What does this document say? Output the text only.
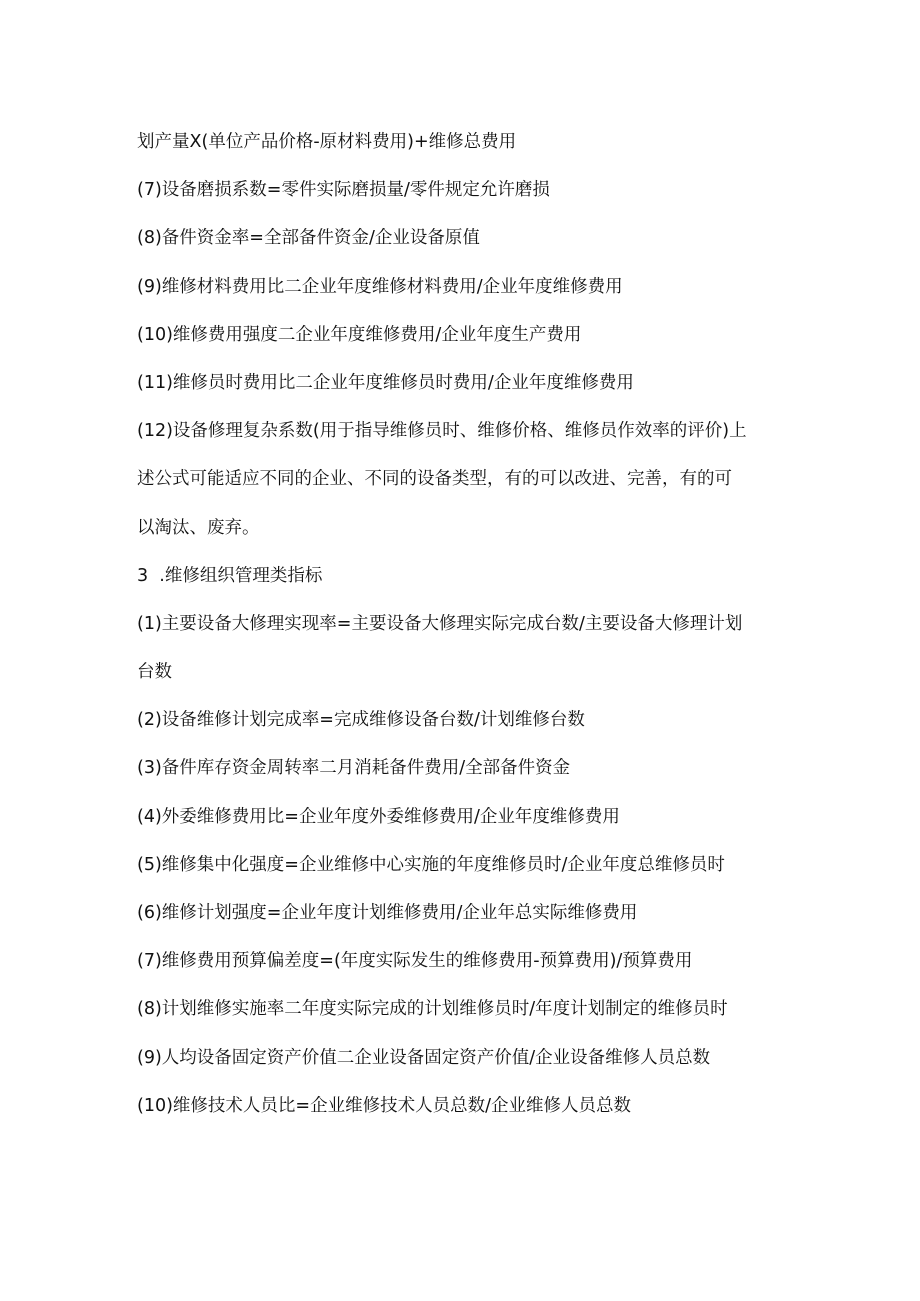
划产量X(单位产品价格-原材料费用)+维修总费用
(7)设备磨损系数=零件实际磨损量/零件规定允许磨损
(8)备件资金率=全部备件资金/企业设备原值
(9)维修材料费用比二企业年度维修材料费用/企业年度维修费用
(10)维修费用强度二企业年度维修费用/企业年度生产费用
(11)维修员时费用比二企业年度维修员时费用/企业年度维修费用
(12)设备修理复杂系数(用于指导维修员时、维修价格、维修员作效率的评价)上
述公式可能适应不同的企业、不同的设备类型，有的可以改进、完善，有的可
以淘汰、废弃。
3  .维修组织管理类指标
(1)主要设备大修理实现率=主要设备大修理实际完成台数/主要设备大修理计划
台数
(2)设备维修计划完成率=完成维修设备台数/计划维修台数
(3)备件库存资金周转率二月消耗备件费用/全部备件资金
(4)外委维修费用比=企业年度外委维修费用/企业年度维修费用
(5)维修集中化强度=企业维修中心实施的年度维修员时/企业年度总维修员时
(6)维修计划强度=企业年度计划维修费用/企业年总实际维修费用
(7)维修费用预算偏差度=(年度实际发生的维修费用-预算费用)/预算费用
(8)计划维修实施率二年度实际完成的计划维修员时/年度计划制定的维修员时
(9)人均设备固定资产价值二企业设备固定资产价值/企业设备维修人员总数
(10)维修技术人员比=企业维修技术人员总数/企业维修人员总数
